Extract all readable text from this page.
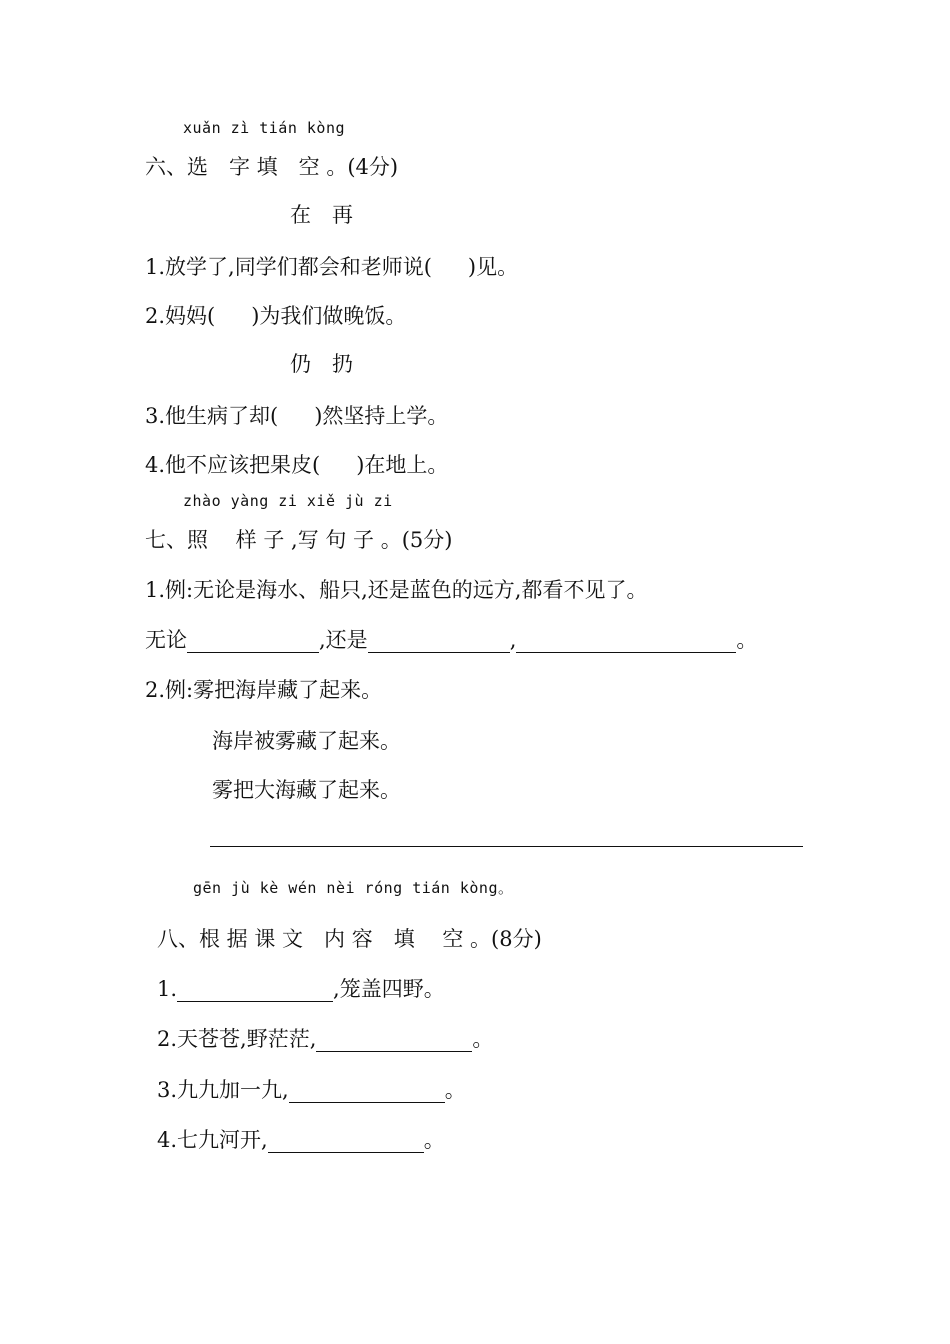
xuǎn zì tián kòng
六、选　字 填　空 。(4分)
在　再
1.放学了,同学们都会和老师说( )见。
2.妈妈( )为我们做晚饭。
仍　扔
3.他生病了却( )然坚持上学。
4.他不应该把果皮( )在地上。
zhào yàng zi xiě jù zi
七、照　 样 子 ,写 句 子 。(5分)
1.例:无论是海水、船只,还是蓝色的远方,都看不见了。
无论	,还是	,	。
2.例:雾把海岸藏了起来。
海岸被雾藏了起来。
雾把大海藏了起来。
gēn jù kè wén nèi róng tián kòng。
八、根 据 课 文　内 容　填　 空 。(8分)
1.	,笼盖四野。
2.天苍苍,野茫茫,	。
3.九九加一九,	。
4.七九河开,	。
